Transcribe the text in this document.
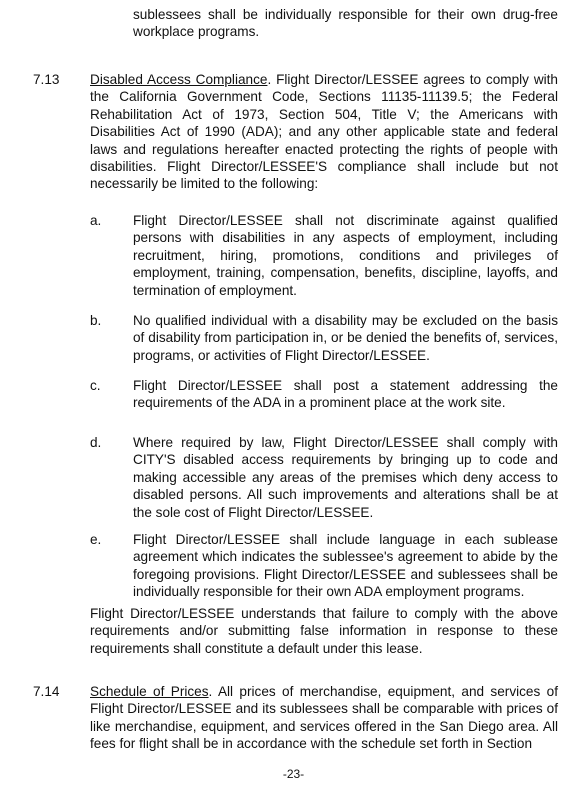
sublessees shall be individually responsible for their own drug-free workplace programs.
7.13 Disabled Access Compliance. Flight Director/LESSEE agrees to comply with the California Government Code, Sections 11135-11139.5; the Federal Rehabilitation Act of 1973, Section 504, Title V; the Americans with Disabilities Act of 1990 (ADA); and any other applicable state and federal laws and regulations hereafter enacted protecting the rights of people with disabilities. Flight Director/LESSEE'S compliance shall include but not necessarily be limited to the following:
a. Flight Director/LESSEE shall not discriminate against qualified persons with disabilities in any aspects of employment, including recruitment, hiring, promotions, conditions and privileges of employment, training, compensation, benefits, discipline, layoffs, and termination of employment.
b. No qualified individual with a disability may be excluded on the basis of disability from participation in, or be denied the benefits of, services, programs, or activities of Flight Director/LESSEE.
c. Flight Director/LESSEE shall post a statement addressing the requirements of the ADA in a prominent place at the work site.
d. Where required by law, Flight Director/LESSEE shall comply with CITY'S disabled access requirements by bringing up to code and making accessible any areas of the premises which deny access to disabled persons. All such improvements and alterations shall be at the sole cost of Flight Director/LESSEE.
e. Flight Director/LESSEE shall include language in each sublease agreement which indicates the sublessee's agreement to abide by the foregoing provisions. Flight Director/LESSEE and sublessees shall be individually responsible for their own ADA employment programs.
Flight Director/LESSEE understands that failure to comply with the above requirements and/or submitting false information in response to these requirements shall constitute a default under this lease.
7.14 Schedule of Prices. All prices of merchandise, equipment, and services of Flight Director/LESSEE and its sublessees shall be comparable with prices of like merchandise, equipment, and services offered in the San Diego area. All fees for flight shall be in accordance with the schedule set forth in Section
-23-
